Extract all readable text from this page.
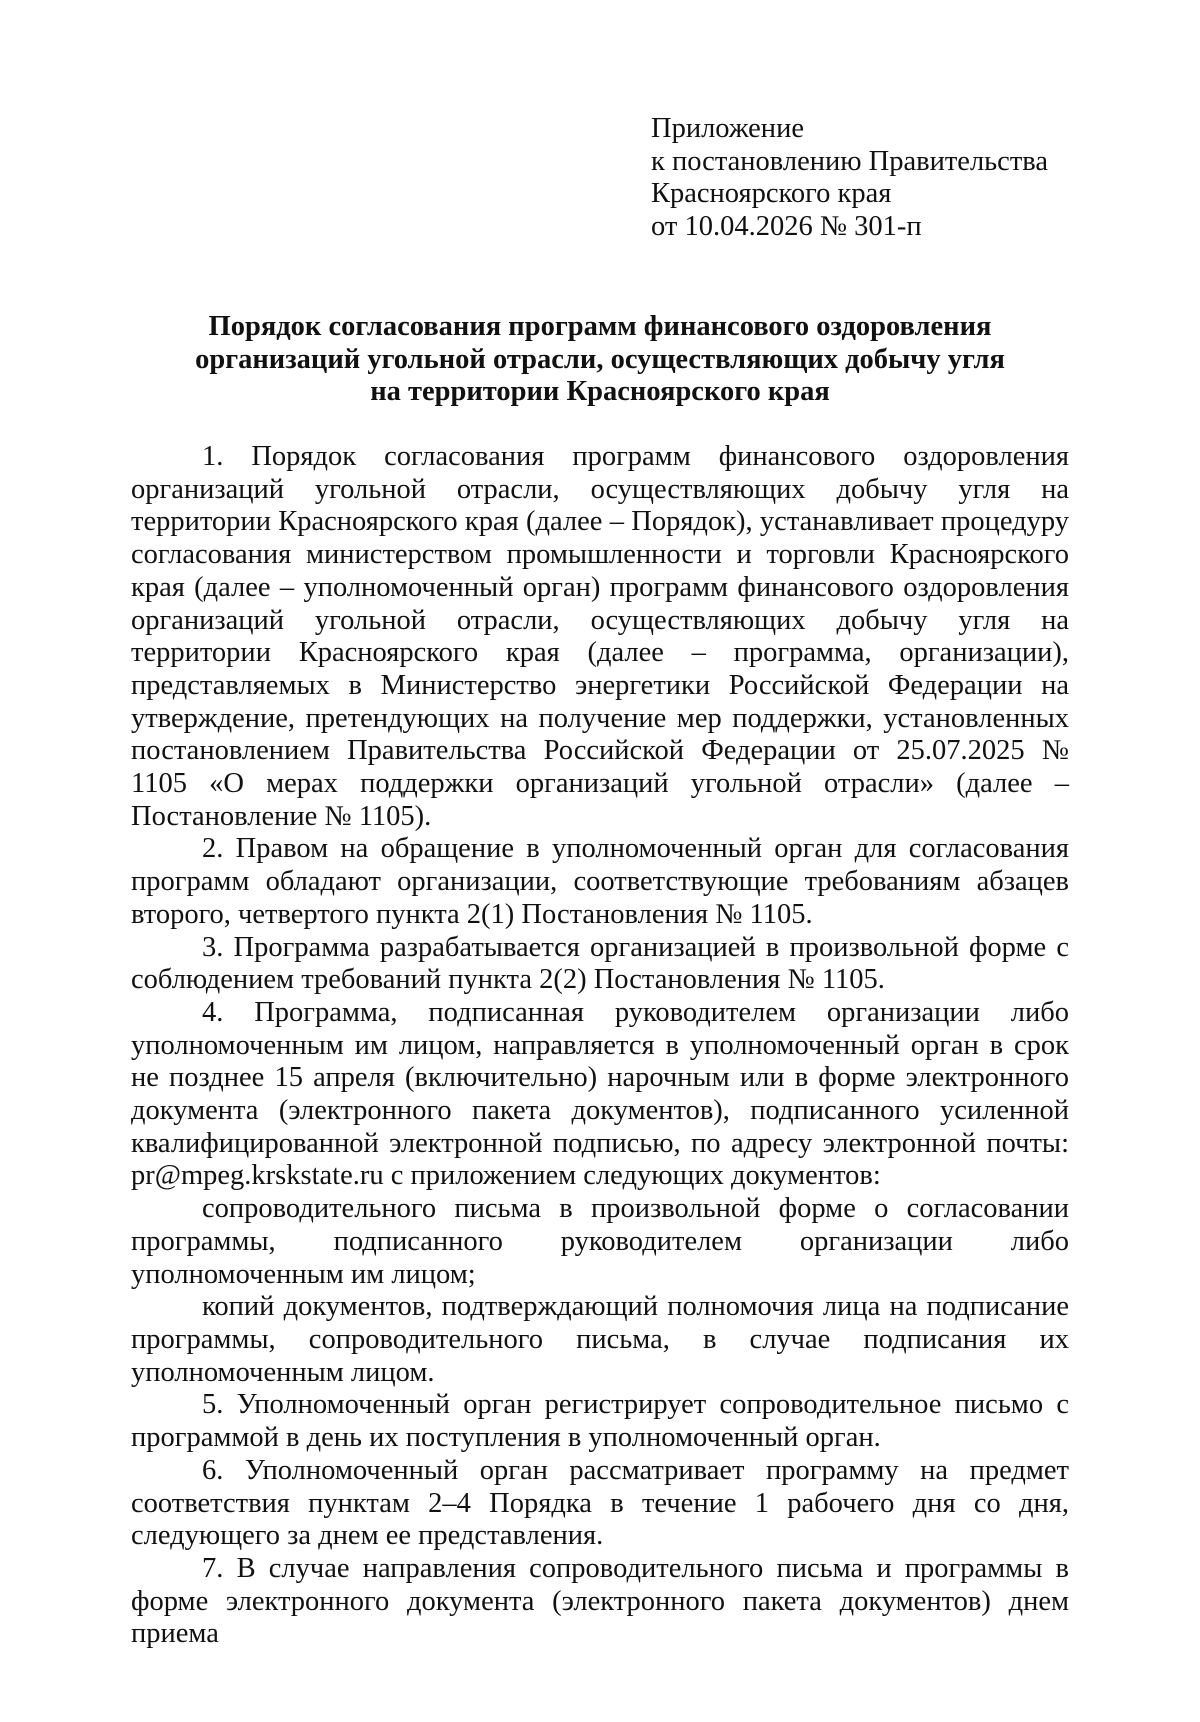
Приложение
к постановлению Правительства
Красноярского края
от 10.04.2026 № 301-п
Порядок согласования программ финансового оздоровления
организаций угольной отрасли, осуществляющих добычу угля
на территории Красноярского края

1. Порядок согласования программ финансового оздоровления организаций угольной отрасли, осуществляющих добычу угля на территории Красноярского края (далее – Порядок), устанавливает процедуру согласования министерством промышленности и торговли Красноярского края (далее – уполномоченный орган) программ финансового оздоровления организаций угольной отрасли, осуществляющих добычу угля на территории Красноярского края (далее – программа, организации), представляемых в Министерство энергетики Российской Федерации на утверждение, претендующих на получение мер поддержки, установленных постановлением Правительства Российской Федерации от 25.07.2025 № 1105 «О мерах поддержки организаций угольной отрасли» (далее – Постановление № 1105).

2. Правом на обращение в уполномоченный орган для согласования программ обладают организации, соответствующие требованиям абзацев второго, четвертого пункта 2(1) Постановления № 1105.

3. Программа разрабатывается организацией в произвольной форме с соблюдением требований пункта 2(2) Постановления № 1105.

4. Программа, подписанная руководителем организации либо уполномоченным им лицом, направляется в уполномоченный орган в срок не позднее 15 апреля (включительно) нарочным или в форме электронного документа (электронного пакета документов), подписанного усиленной квалифицированной электронной подписью, по адресу электронной почты: pr@mpeg.krskstate.ru с приложением следующих документов:

сопроводительного письма в произвольной форме о согласовании программы, подписанного руководителем организации либо уполномоченным им лицом;

копий документов, подтверждающий полномочия лица на подписание программы, сопроводительного письма, в случае подписания их уполномоченным лицом.

5. Уполномоченный орган регистрирует сопроводительное письмо с программой в день их поступления в уполномоченный орган.

6. Уполномоченный орган рассматривает программу на предмет соответствия пунктам 2–4 Порядка в течение 1 рабочего дня со дня, следующего за днем ее представления.

7. В случае направления сопроводительного письма и программы в форме электронного документа (электронного пакета документов) днем приема
